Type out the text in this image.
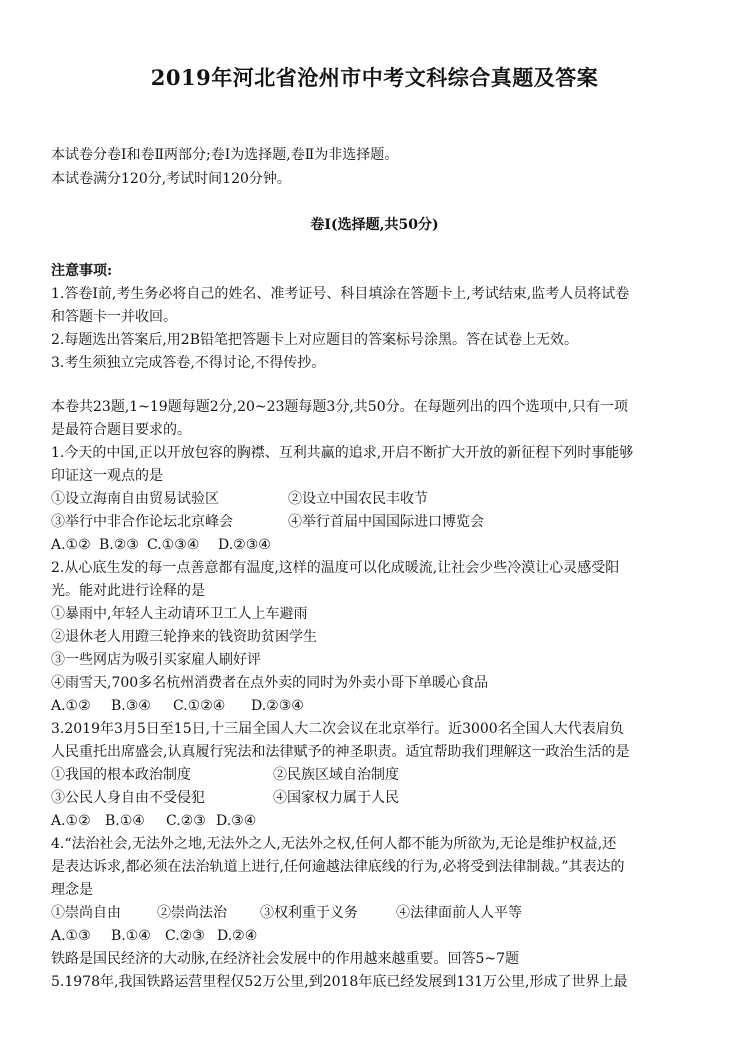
2019年河北省沧州市中考文科综合真题及答案
本试卷分卷Ⅰ和卷Ⅱ两部分;卷Ⅰ为选择题,卷Ⅱ为非选择题。
本试卷满分120分,考试时间120分钟。
卷Ⅰ(选择题,共50分)
注意事项:
1.答卷Ⅰ前,考生务必将自己的姓名、准考证号、科目填涂在答题卡上,考试结束,监考人员将试卷
和答题卡一并收回。
2.每题选出答案后,用2B铅笔把答题卡上对应题目的答案标号涂黑。答在试卷上无效。
3.考生须独立完成答卷,不得讨论,不得传抄。
本卷共23题,1~19题每题2分,20~23题每题3分,共50分。在每题列出的四个选项中,只有一项
是最符合题目要求的。
1.今天的中国,正以开放包容的胸襟、互利共赢的追求,开启不断扩大开放的新征程下列时事能够
印证这一观点的是
①设立海南自由贸易试验区	②设立中国农民丰收节
③举行中非合作论坛北京峰会	④举行首届中国国际进口博览会
A.①② B.②③ C.①③④ D.②③④
2.从心底生发的每一点善意都有温度,这样的温度可以化成暖流,让社会少些冷漠让心灵感受阳
光。能对此进行诠释的是
①暴雨中,年轻人主动请环卫工人上车避雨
②退休老人用蹬三轮挣来的钱资助贫困学生
③一些网店为吸引买家雇人刷好评
④雨雪天,700多名杭州消费者在点外卖的同时为外卖小哥下单暖心食品
A.①② B.③④ C.①②④ D.②③④
3.2019年3月5日至15日,十三届全国人大二次会议在北京举行。近3000名全国人大代表肩负
人民重托出席盛会,认真履行宪法和法律赋予的神圣职责。适宜帮助我们理解这一政治生活的是
①我国的根本政治制度	②民族区域自治制度
③公民人身自由不受侵犯	④国家权力属于人民
A.①② B.①④ C.②③ D.③④
4.“法治社会,无法外之地,无法外之人,无法外之权,任何人都不能为所欲为,无论是维护权益,还
是表达诉求,都必须在法治轨道上进行,任何逾越法律底线的行为,必将受到法律制裁。”其表达的
理念是
①崇尚自由	②崇尚法治 ③权利重于义务	④法律面前人人平等
A.①③ B.①④ C.②③ D.②④
铁路是国民经济的大动脉,在经济社会发展中的作用越来越重要。回答5~7题
5.1978年,我国铁路运营里程仅52万公里,到2018年底已经发展到131万公里,形成了世界上最
